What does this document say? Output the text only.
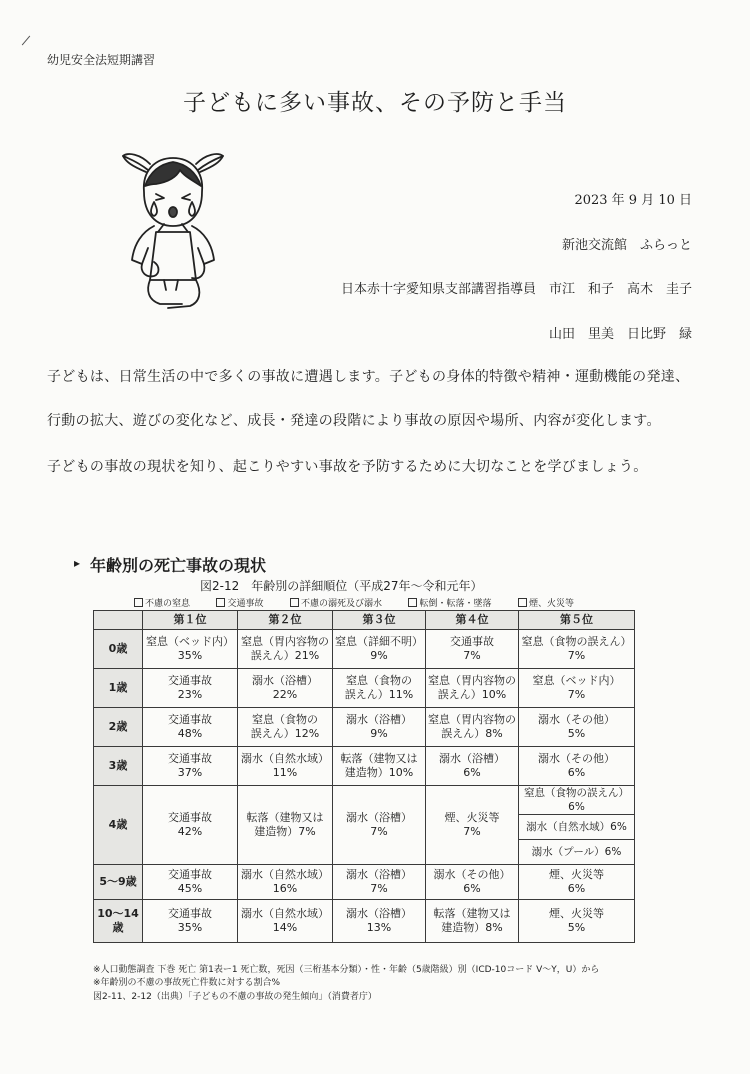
幼児安全法短期講習
子どもに多い事故、その予防と手当
2023 年 9 月 10 日
新池交流館　ふらっと
日本赤十字愛知県支部講習指導員　市江　和子　高木　圭子
山田　里美　日比野　緑
子どもは、日常生活の中で多くの事故に遭遇します。子どもの身体的特徴や精神・運動機能の発達、
行動の拡大、遊びの変化など、成長・発達の段階により事故の原因や場所、内容が変化します。
子どもの事故の現状を知り、起こりやすい事故を予防するために大切なことを学びましょう。
▸ 年齢別の死亡事故の現状
図2-12　年齢別の詳細順位（平成27年～令和元年）
不慮の窒息	交通事故	不慮の溺死及び溺水	転倒・転落・墜落	煙、火災等
	第１位	第２位	第３位	第４位	第５位
0歳	窒息（ベッド内）
35%	窒息（胃内容物の
誤えん）21%	窒息（詳細不明）
9%	交通事故
7%	窒息（食物の誤えん）
7%
1歳	交通事故
23%	溺水（浴槽）
22%	窒息（食物の
誤えん）11%	窒息（胃内容物の
誤えん）10%	窒息（ベッド内）
7%
2歳	交通事故
48%	窒息（食物の
誤えん）12%	溺水（浴槽）
9%	窒息（胃内容物の
誤えん）8%	溺水（その他）
5%
3歳	交通事故
37%	溺水（自然水域）
11%	転落（建物又は
建造物）10%	溺水（浴槽）
6%	溺水（その他）
6%
4歳	交通事故
42%	転落（建物又は
建造物）7%	溺水（浴槽）
7%	煙、火災等
7%	窒息（食物の誤えん）6%
					溺水（自然水域）6%
					溺水（プール）6%
5～9歳	交通事故
45%	溺水（自然水域）
16%	溺水（浴槽）
7%	溺水（その他）
6%	煙、火災等
6%
10～14
歳	交通事故
35%	溺水（自然水域）
14%	溺水（浴槽）
13%	転落（建物又は
建造物）8%	煙、火災等
5%
※人口動態調査 下巻 死亡 第1表ー1 死亡数，死因（三桁基本分類）・性・年齢（5歳階級）別（ICD-10コード V～Y，U）から
※年齢別の不慮の事故死亡件数に対する割合%
図2-11、2-12（出典）「子どもの不慮の事故の発生傾向」（消費者庁）
